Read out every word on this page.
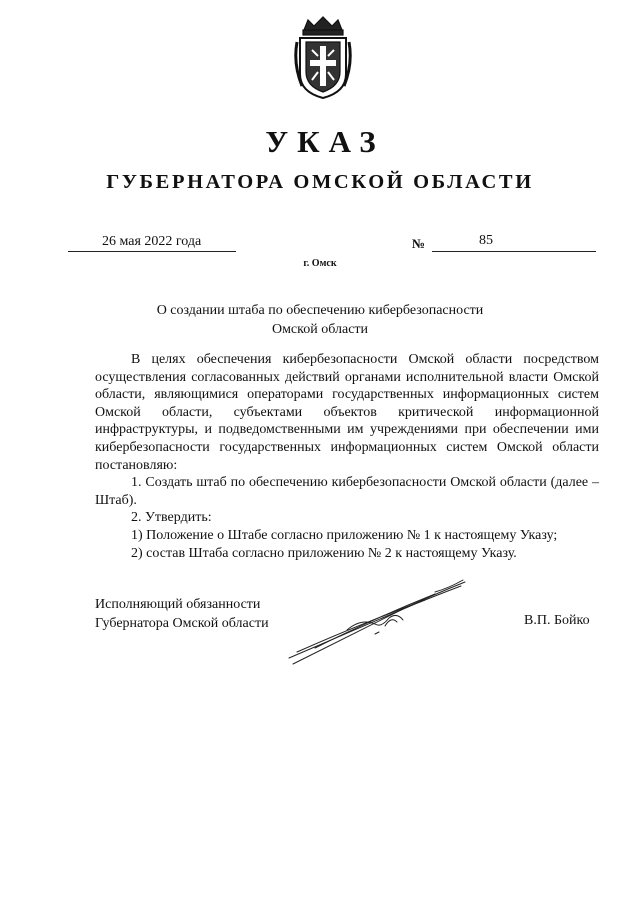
УКАЗ
ГУБЕРНАТОРА ОМСКОЙ ОБЛАСТИ
26 мая 2022 года	№	85
г. Омск
О создании штаба по обеспечению кибербезопасности
Омской области

В целях обеспечения кибербезопасности Омской области посредством осуществления согласованных действий органами исполнительной власти Омской области, являющимися операторами государственных информационных систем Омской области, субъектами объектов критической информационной инфраструктуры, и подведомственными им учреждениями при обеспечении ими кибербезопасности государственных информационных систем Омской области постановляю:

1. Создать штаб по обеспечению кибербезопасности Омской области (далее – Штаб).

2. Утвердить:

1) Положение о Штабе согласно приложению № 1 к настоящему Указу;

2) состав Штаба согласно приложению № 2 к настоящему Указу.

Исполняющий обязанности
Губернатора Омской области	В.П. Бойко
